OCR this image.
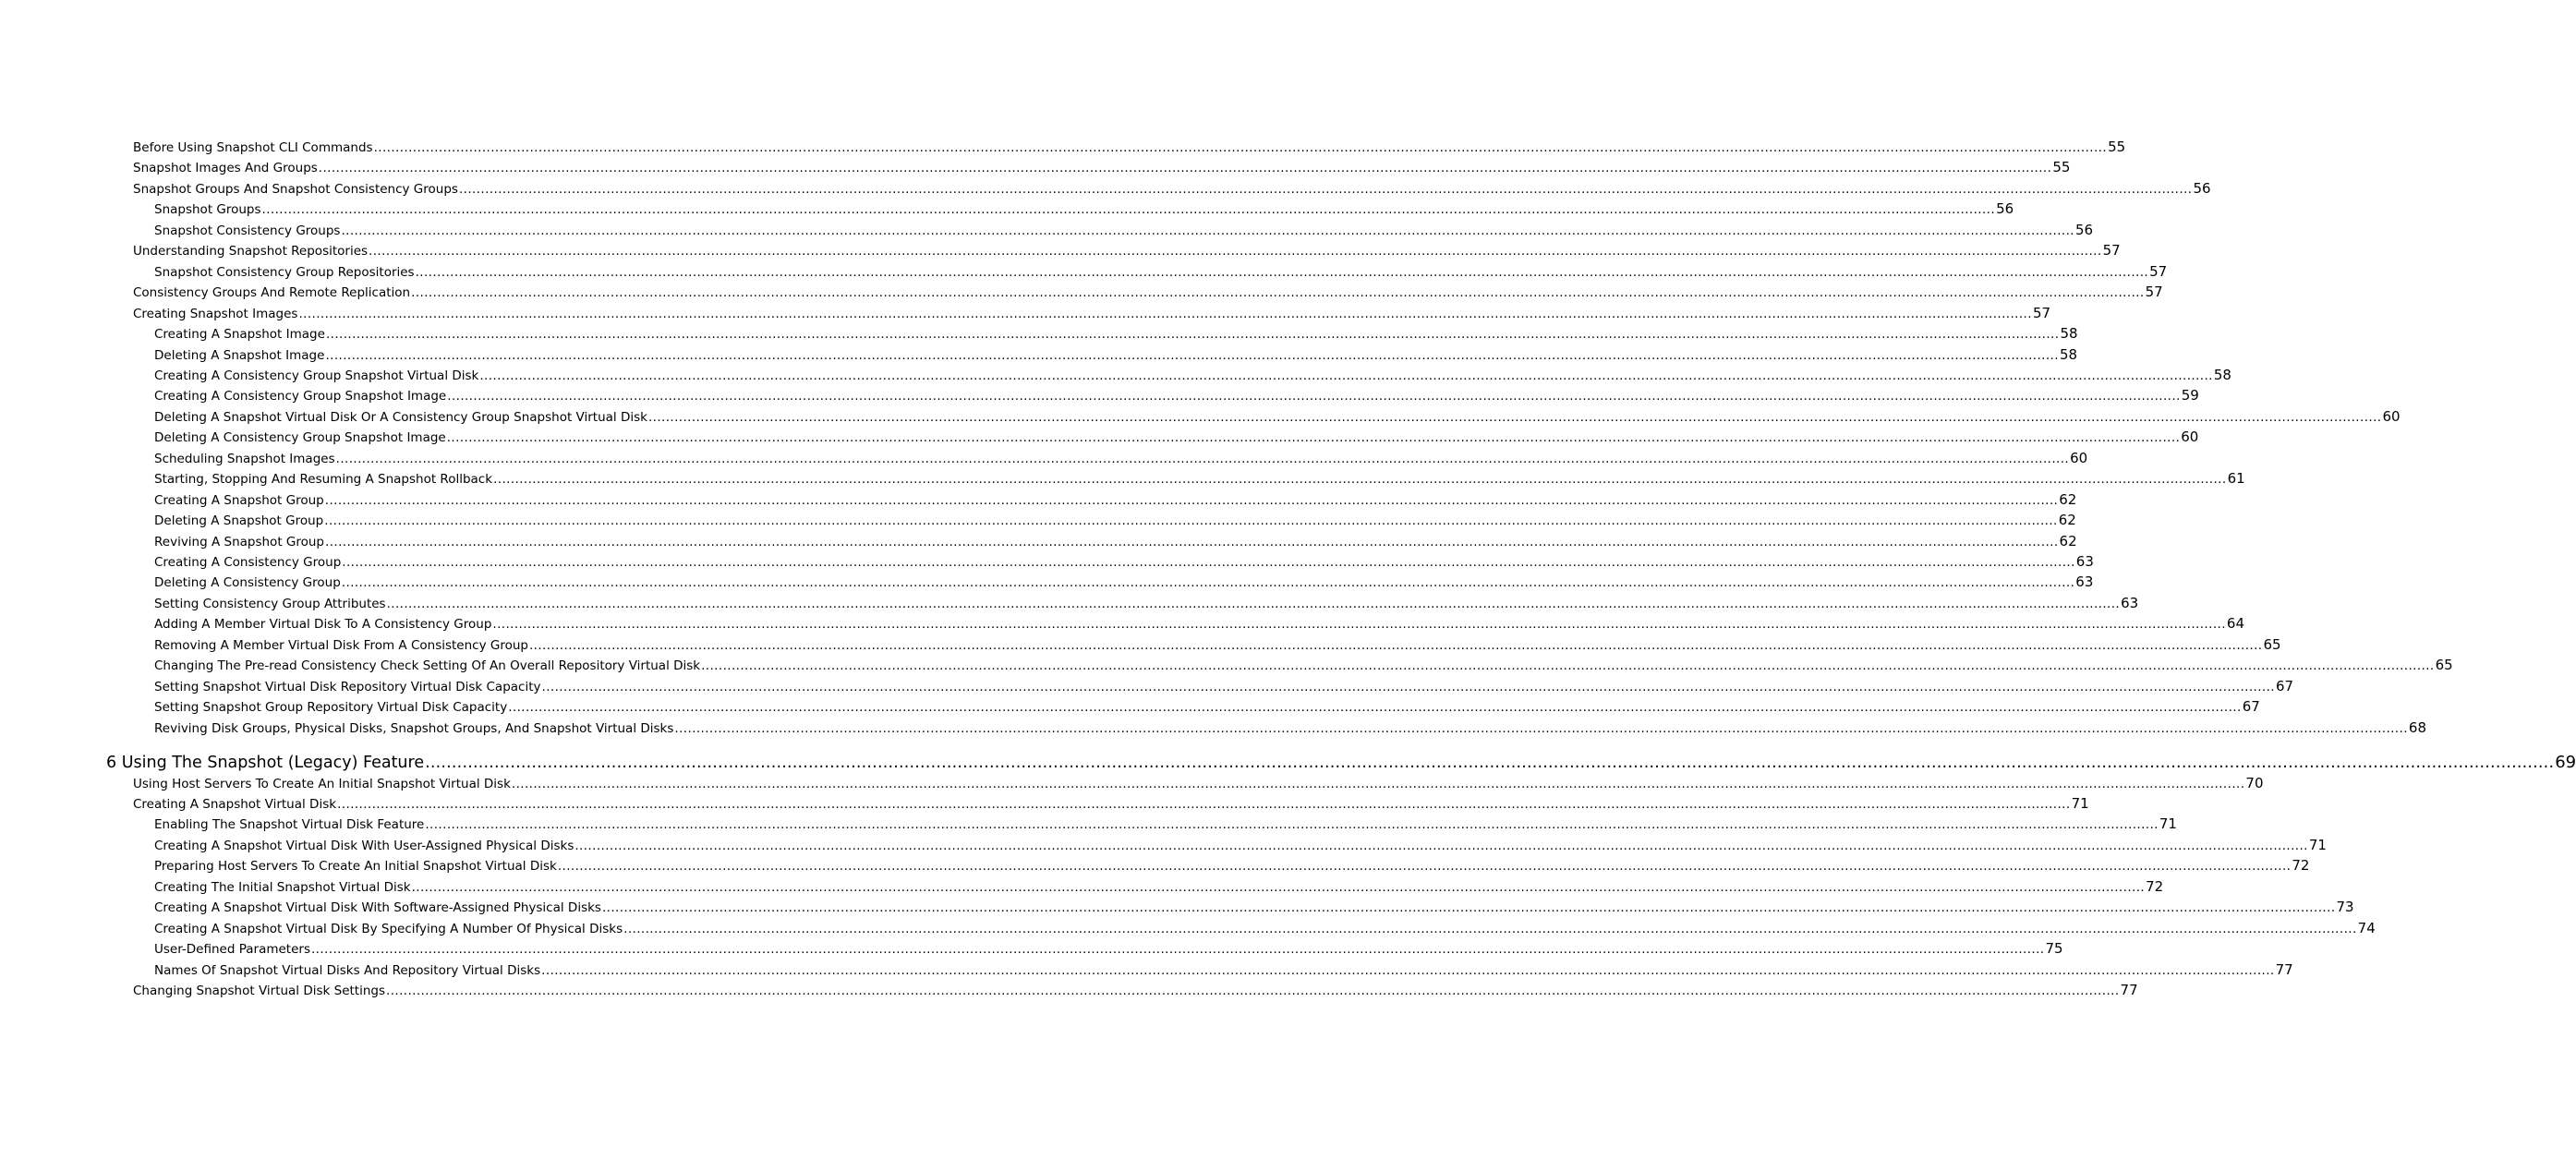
Before Using Snapshot CLI Commands ................................................................................................................................................................................................................................................................................................................................................................................................................ 55
Snapshot Images And Groups ................................................................................................................................................................................................................................................................................................................................................................................................................ 55
Snapshot Groups And Snapshot Consistency Groups ................................................................................................................................................................................................................................................................................................................................................................................................................ 56
Snapshot Groups ................................................................................................................................................................................................................................................................................................................................................................................................................ 56
Snapshot Consistency Groups ................................................................................................................................................................................................................................................................................................................................................................................................................ 56
Understanding Snapshot Repositories ................................................................................................................................................................................................................................................................................................................................................................................................................ 57
Snapshot Consistency Group Repositories ................................................................................................................................................................................................................................................................................................................................................................................................................ 57
Consistency Groups And Remote Replication ................................................................................................................................................................................................................................................................................................................................................................................................................ 57
Creating Snapshot Images ................................................................................................................................................................................................................................................................................................................................................................................................................ 57
Creating A Snapshot Image ................................................................................................................................................................................................................................................................................................................................................................................................................ 58
Deleting A Snapshot Image ................................................................................................................................................................................................................................................................................................................................................................................................................ 58
Creating A Consistency Group Snapshot Virtual Disk ................................................................................................................................................................................................................................................................................................................................................................................................................ 58
Creating A Consistency Group Snapshot Image ................................................................................................................................................................................................................................................................................................................................................................................................................ 59
Deleting A Snapshot Virtual Disk Or A Consistency Group Snapshot Virtual Disk ................................................................................................................................................................................................................................................................................................................................................................................................................ 60
Deleting A Consistency Group Snapshot Image ................................................................................................................................................................................................................................................................................................................................................................................................................ 60
Scheduling Snapshot Images ................................................................................................................................................................................................................................................................................................................................................................................................................ 60
Starting, Stopping And Resuming A Snapshot Rollback ................................................................................................................................................................................................................................................................................................................................................................................................................ 61
Creating A Snapshot Group ................................................................................................................................................................................................................................................................................................................................................................................................................ 62
Deleting A Snapshot Group ................................................................................................................................................................................................................................................................................................................................................................................................................ 62
Reviving A Snapshot Group ................................................................................................................................................................................................................................................................................................................................................................................................................ 62
Creating A Consistency Group ................................................................................................................................................................................................................................................................................................................................................................................................................ 63
Deleting A Consistency Group ................................................................................................................................................................................................................................................................................................................................................................................................................ 63
Setting Consistency Group Attributes ................................................................................................................................................................................................................................................................................................................................................................................................................ 63
Adding A Member Virtual Disk To A Consistency Group ................................................................................................................................................................................................................................................................................................................................................................................................................ 64
Removing A Member Virtual Disk From A Consistency Group ................................................................................................................................................................................................................................................................................................................................................................................................................ 65
Changing The Pre-read Consistency Check Setting Of An Overall Repository Virtual Disk ................................................................................................................................................................................................................................................................................................................................................................................................................ 65
Setting Snapshot Virtual Disk Repository Virtual Disk Capacity ................................................................................................................................................................................................................................................................................................................................................................................................................ 67
Setting Snapshot Group Repository Virtual Disk Capacity ................................................................................................................................................................................................................................................................................................................................................................................................................ 67
Reviving Disk Groups, Physical Disks, Snapshot Groups, And Snapshot Virtual Disks ................................................................................................................................................................................................................................................................................................................................................................................................................ 68
6 Using The Snapshot (Legacy) Feature ................................................................................................................................................................................................................................................................................................................................................................................................................ 69
Using Host Servers To Create An Initial Snapshot Virtual Disk ................................................................................................................................................................................................................................................................................................................................................................................................................ 70
Creating A Snapshot Virtual Disk ................................................................................................................................................................................................................................................................................................................................................................................................................ 71
Enabling The Snapshot Virtual Disk Feature ................................................................................................................................................................................................................................................................................................................................................................................................................ 71
Creating A Snapshot Virtual Disk With User-Assigned Physical Disks ................................................................................................................................................................................................................................................................................................................................................................................................................ 71
Preparing Host Servers To Create An Initial Snapshot Virtual Disk ................................................................................................................................................................................................................................................................................................................................................................................................................ 72
Creating The Initial Snapshot Virtual Disk ................................................................................................................................................................................................................................................................................................................................................................................................................ 72
Creating A Snapshot Virtual Disk With Software-Assigned Physical Disks ................................................................................................................................................................................................................................................................................................................................................................................................................ 73
Creating A Snapshot Virtual Disk By Specifying A Number Of Physical Disks ................................................................................................................................................................................................................................................................................................................................................................................................................ 74
User-Defined Parameters ................................................................................................................................................................................................................................................................................................................................................................................................................ 75
Names Of Snapshot Virtual Disks And Repository Virtual Disks ................................................................................................................................................................................................................................................................................................................................................................................................................ 77
Changing Snapshot Virtual Disk Settings ................................................................................................................................................................................................................................................................................................................................................................................................................ 77
